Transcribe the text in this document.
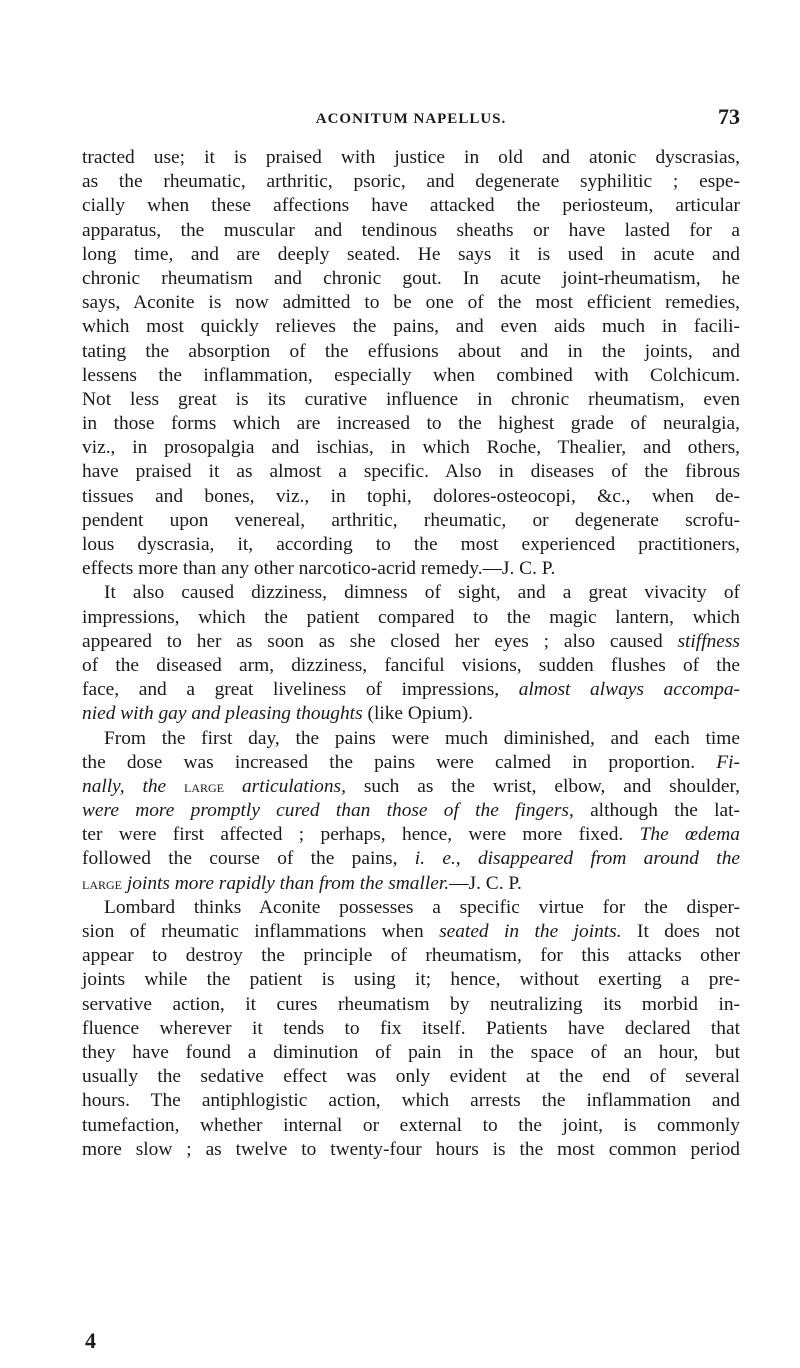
ACONITUM NAPELLUS.	73
tracted use; it is praised with justice in old and atonic dyscrasias,
as the rheumatic, arthritic, psoric, and degenerate syphilitic ; espe-
cially when these affections have attacked the periosteum, articular
apparatus, the muscular and tendinous sheaths or have lasted for a
long time, and are deeply seated. He says it is used in acute and
chronic rheumatism and chronic gout. In acute joint-rheumatism, he
says, Aconite is now admitted to be one of the most efficient remedies,
which most quickly relieves the pains, and even aids much in facili-
tating the absorption of the effusions about and in the joints, and
lessens the inflammation, especially when combined with Colchicum.
Not less great is its curative influence in chronic rheumatism, even
in those forms which are increased to the highest grade of neuralgia,
viz., in prosopalgia and ischias, in which Roche, Thealier, and others,
have praised it as almost a specific. Also in diseases of the fibrous
tissues and bones, viz., in tophi, dolores-osteocopi, &c., when de-
pendent upon venereal, arthritic, rheumatic, or degenerate scrofu-
lous dyscrasia, it, according to the most experienced practitioners,
effects more than any other narcotico-acrid remedy.—J. C. P.
It also caused dizziness, dimness of sight, and a great vivacity of
impressions, which the patient compared to the magic lantern, which
appeared to her as soon as she closed her eyes ; also caused stiffness
of the diseased arm, dizziness, fanciful visions, sudden flushes of the
face, and a great liveliness of impressions, almost always accompa-
nied with gay and pleasing thoughts (like Opium).
From the first day, the pains were much diminished, and each time
the dose was increased the pains were calmed in proportion. Fi-
nally, the large articulations, such as the wrist, elbow, and shoulder,
were more promptly cured than those of the fingers, although the lat-
ter were first affected ; perhaps, hence, were more fixed. The œdema
followed the course of the pains, i. e., disappeared from around the
large joints more rapidly than from the smaller.—J. C. P.
Lombard thinks Aconite possesses a specific virtue for the disper-
sion of rheumatic inflammations when seated in the joints. It does not
appear to destroy the principle of rheumatism, for this attacks other
joints while the patient is using it; hence, without exerting a pre-
servative action, it cures rheumatism by neutralizing its morbid in-
fluence wherever it tends to fix itself. Patients have declared that
they have found a diminution of pain in the space of an hour, but
usually the sedative effect was only evident at the end of several
hours. The antiphlogistic action, which arrests the inflammation and
tumefaction, whether internal or external to the joint, is commonly
more slow ; as twelve to twenty-four hours is the most common period
4
